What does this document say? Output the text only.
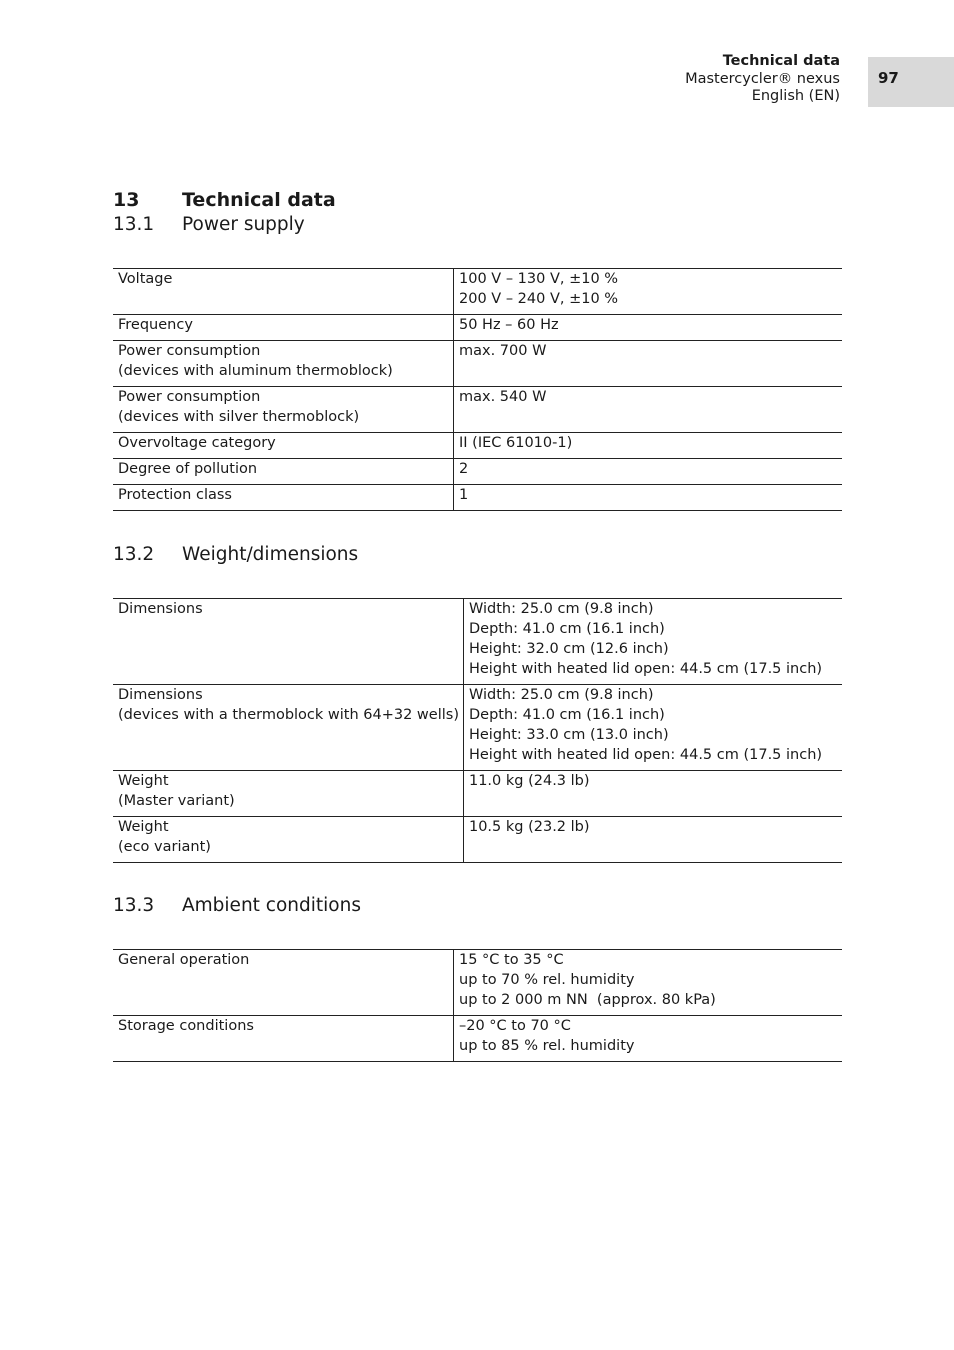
Technical data
Mastercycler® nexus
English (EN)
97
13 Technical data
13.1 Power supply
Voltage	100 V – 130 V, ±10 %
200 V – 240 V, ±10 %

Frequency	50 Hz – 60 Hz

Power consumption
(devices with aluminum thermoblock)	max. 700 W

Power consumption
(devices with silver thermoblock)	max. 540 W

Overvoltage category	II (IEC 61010-1)

Degree of pollution	2

Protection class	1
13.2 Weight/dimensions
Dimensions	Width: 25.0 cm (9.8 inch)
Depth: 41.0 cm (16.1 inch)
Height: 32.0 cm (12.6 inch)
Height with heated lid open: 44.5 cm (17.5 inch)

Dimensions
(devices with a thermoblock with 64+32 wells)	Width: 25.0 cm (9.8 inch)
Depth: 41.0 cm (16.1 inch)
Height: 33.0 cm (13.0 inch)
Height with heated lid open: 44.5 cm (17.5 inch)

Weight
(Master variant)	11.0 kg (24.3 lb)

Weight
(eco variant)	10.5 kg (23.2 lb)
13.3 Ambient conditions
General operation	15 °C to 35 °C
up to 70 % rel. humidity
up to 2 000 m NN  (approx. 80 kPa)

Storage conditions	–20 °C to 70 °C
up to 85 % rel. humidity
